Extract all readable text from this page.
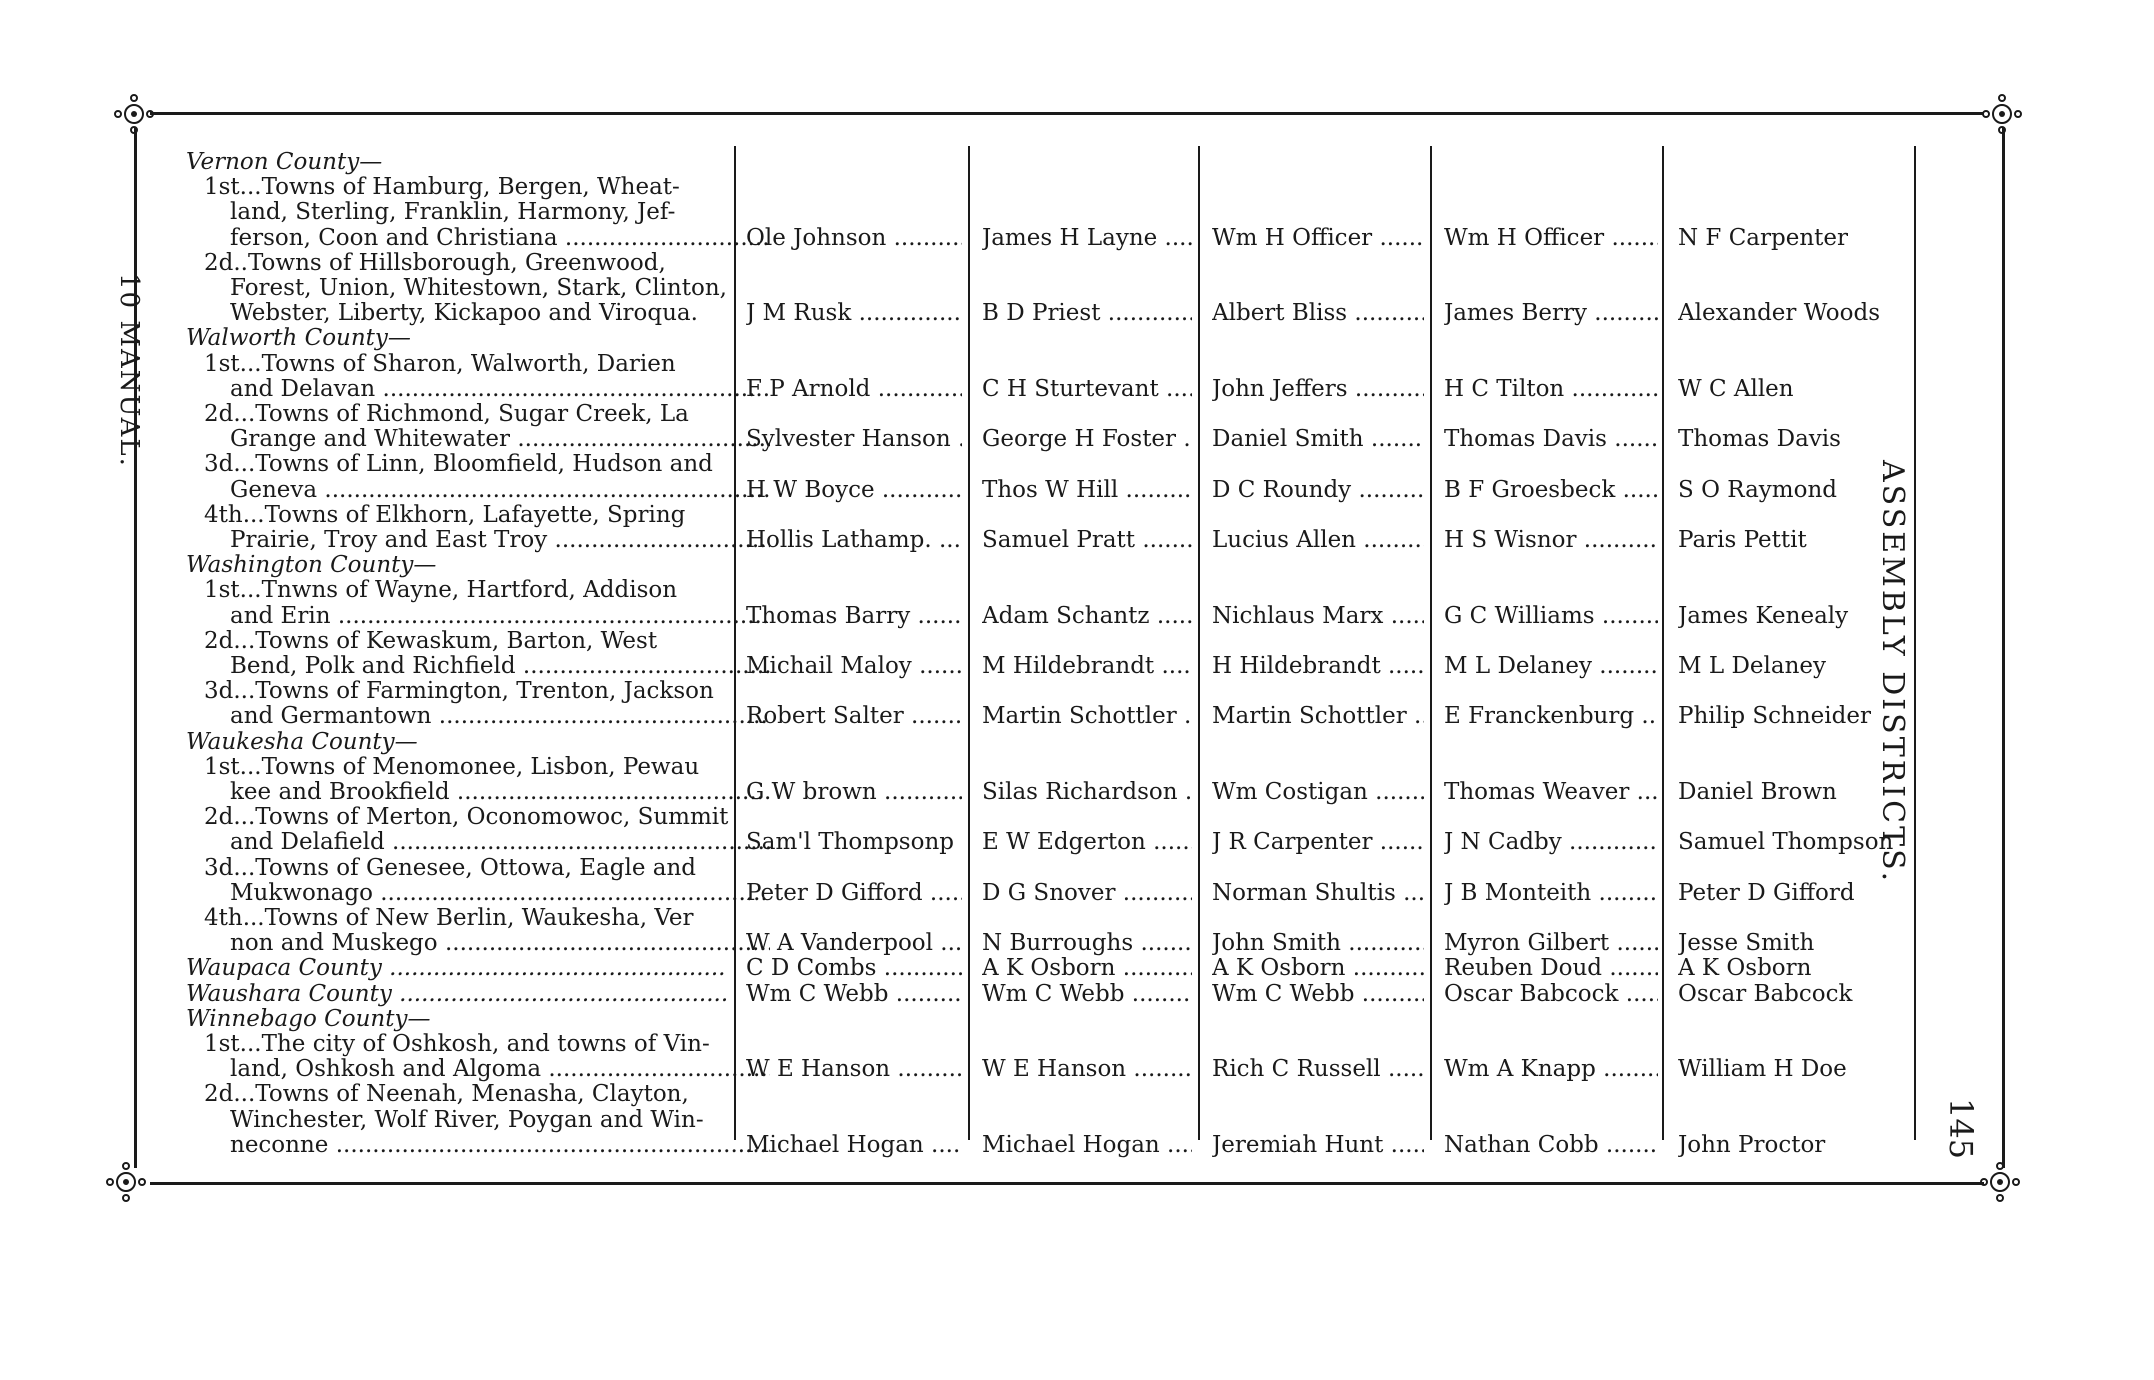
10 MANUAL.
ASSEMBLY DISTRICTS.
145
Vernon County—
1st...Towns of Hamburg, Bergen, Wheat-
land, Sterling, Franklin, Harmony, Jef-
ferson, Coon and Christiana .....	Ole Johnson .....	James H Layne .....	Wm H Officer .....	Wm H Officer .....	N F Carpenter
2d..Towns of Hillsborough, Greenwood,
Forest, Union, Whitestown, Stark, Clinton,
Webster, Liberty, Kickapoo and Viroqua.	J M Rusk .....	B D Priest .....	Albert Bliss .....	James Berry .....	Alexander Woods
Walworth County—
1st...Towns of Sharon, Walworth, Darien
and Delavan .....	F P Arnold .....	C H Sturtevant .....	John Jeffers .....	H C Tilton .....	W C Allen
2d...Towns of Richmond, Sugar Creek, La
Grange and Whitewater .....	Sylvester Hanson .....	George H Foster .....	Daniel Smith .....	Thomas Davis .....	Thomas Davis
3d...Towns of Linn, Bloomfield, Hudson and
Geneva .....	H W Boyce .....	Thos W Hill .....	D C Roundy .....	B F Groesbeck .....	S O Raymond
4th...Towns of Elkhorn, Lafayette, Spring
Prairie, Troy and East Troy .....	Hollis Lathamp. .....	Samuel Pratt .....	Lucius Allen .....	H S Wisnor .....	Paris Pettit
Washington County—
1st...Tnwns of Wayne, Hartford, Addison
and Erin .....	Thomas Barry .....	Adam Schantz .....	Nichlaus Marx .....	G C Williams .....	James Kenealy
2d...Towns of Kewaskum, Barton, West
Bend, Polk and Richfield .....	Michail Maloy .....	M Hildebrandt .....	H Hildebrandt .....	M L Delaney .....	M L Delaney
3d...Towns of Farmington, Trenton, Jackson
and Germantown .....	Robert Salter .....	Martin Schottler .....	Martin Schottler .....	E Franckenburg .....	Philip Schneider
Waukesha County—
1st...Towns of Menomonee, Lisbon, Pewau
kee and Brookfield .....	G W brown .....	Silas Richardson .....	Wm Costigan .....	Thomas Weaver .....	Daniel Brown
2d...Towns of Merton, Oconomowoc, Summit
and Delafield .....	Sam'l Thompsonp .....	E W Edgerton .....	J R Carpenter .....	J N Cadby .....	Samuel Thompson
3d...Towns of Genesee, Ottowa, Eagle and
Mukwonago .....	Peter D Gifford .....	D G Snover .....	Norman Shultis .....	J B Monteith .....	Peter D Gifford
4th...Towns of New Berlin, Waukesha, Ver
non and Muskego .....	W A Vanderpool .....	N Burroughs .....	John Smith .....	Myron Gilbert .....	Jesse Smith
Waupaca County .....	C D Combs .....	A K Osborn .....	A K Osborn .....	Reuben Doud .....	A K Osborn
Waushara County .....	Wm C Webb .....	Wm C Webb .....	Wm C Webb .....	Oscar Babcock .....	Oscar Babcock
Winnebago County—
1st...The city of Oshkosh, and towns of Vin-
land, Oshkosh and Algoma .....	W E Hanson .....	W E Hanson .....	Rich C Russell .....	Wm A Knapp .....	William H Doe
2d...Towns of Neenah, Menasha, Clayton,
Winchester, Wolf River, Poygan and Win-
neconne .....	Michael Hogan .....	Michael Hogan .....	Jeremiah Hunt .....	Nathan Cobb .....	John Proctor
